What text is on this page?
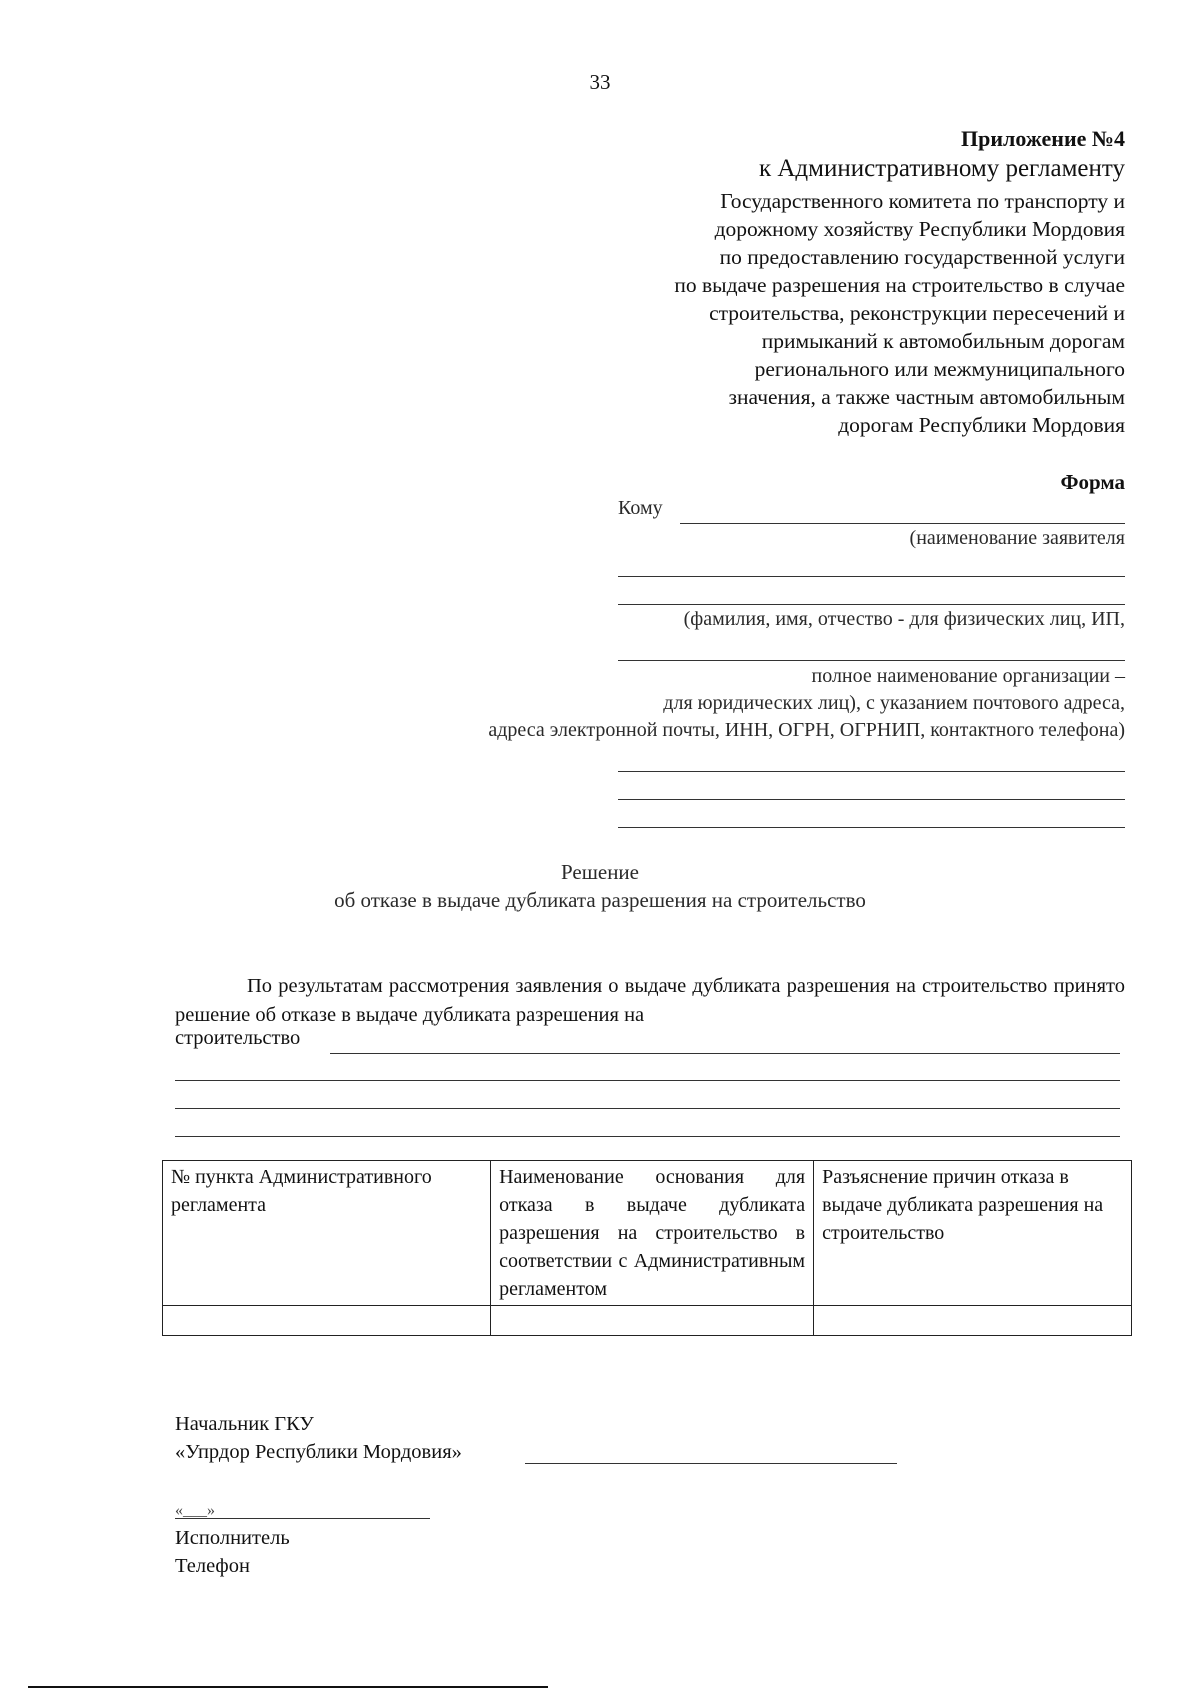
33
Приложение №4
к Административному регламенту
Государственного комитета по транспорту и
дорожному хозяйству Республики Мордовия
по предоставлению государственной услуги
по выдаче разрешения на строительство в случае
строительства, реконструкции пересечений и
примыканий к автомобильным дорогам
регионального или межмуниципального
значения, а также частным автомобильным
дорогам Республики Мордовия
Форма
Кому
(наименование заявителя
(фамилия, имя, отчество - для физических лиц, ИП,
полное наименование организации –
для юридических лиц), с указанием почтового адреса,
адреса электронной почты, ИНН, ОГРН, ОГРНИП, контактного телефона)
Решение
об отказе в выдаче дубликата разрешения на строительство
По результатам рассмотрения заявления о выдаче дубликата разрешения на строительство принято решение об отказе в выдаче дубликата разрешения на
строительство
№ пункта Административного регламента	Наименование основания для отказа в выдаче дубликата разрешения на строительство в соответствии с Административным регламентом	Разъяснение причин отказа в выдаче дубликата разрешения на строительство

Начальник ГКУ
«Упрдор Республики Мордовия»
«___»
Исполнитель
Телефон
